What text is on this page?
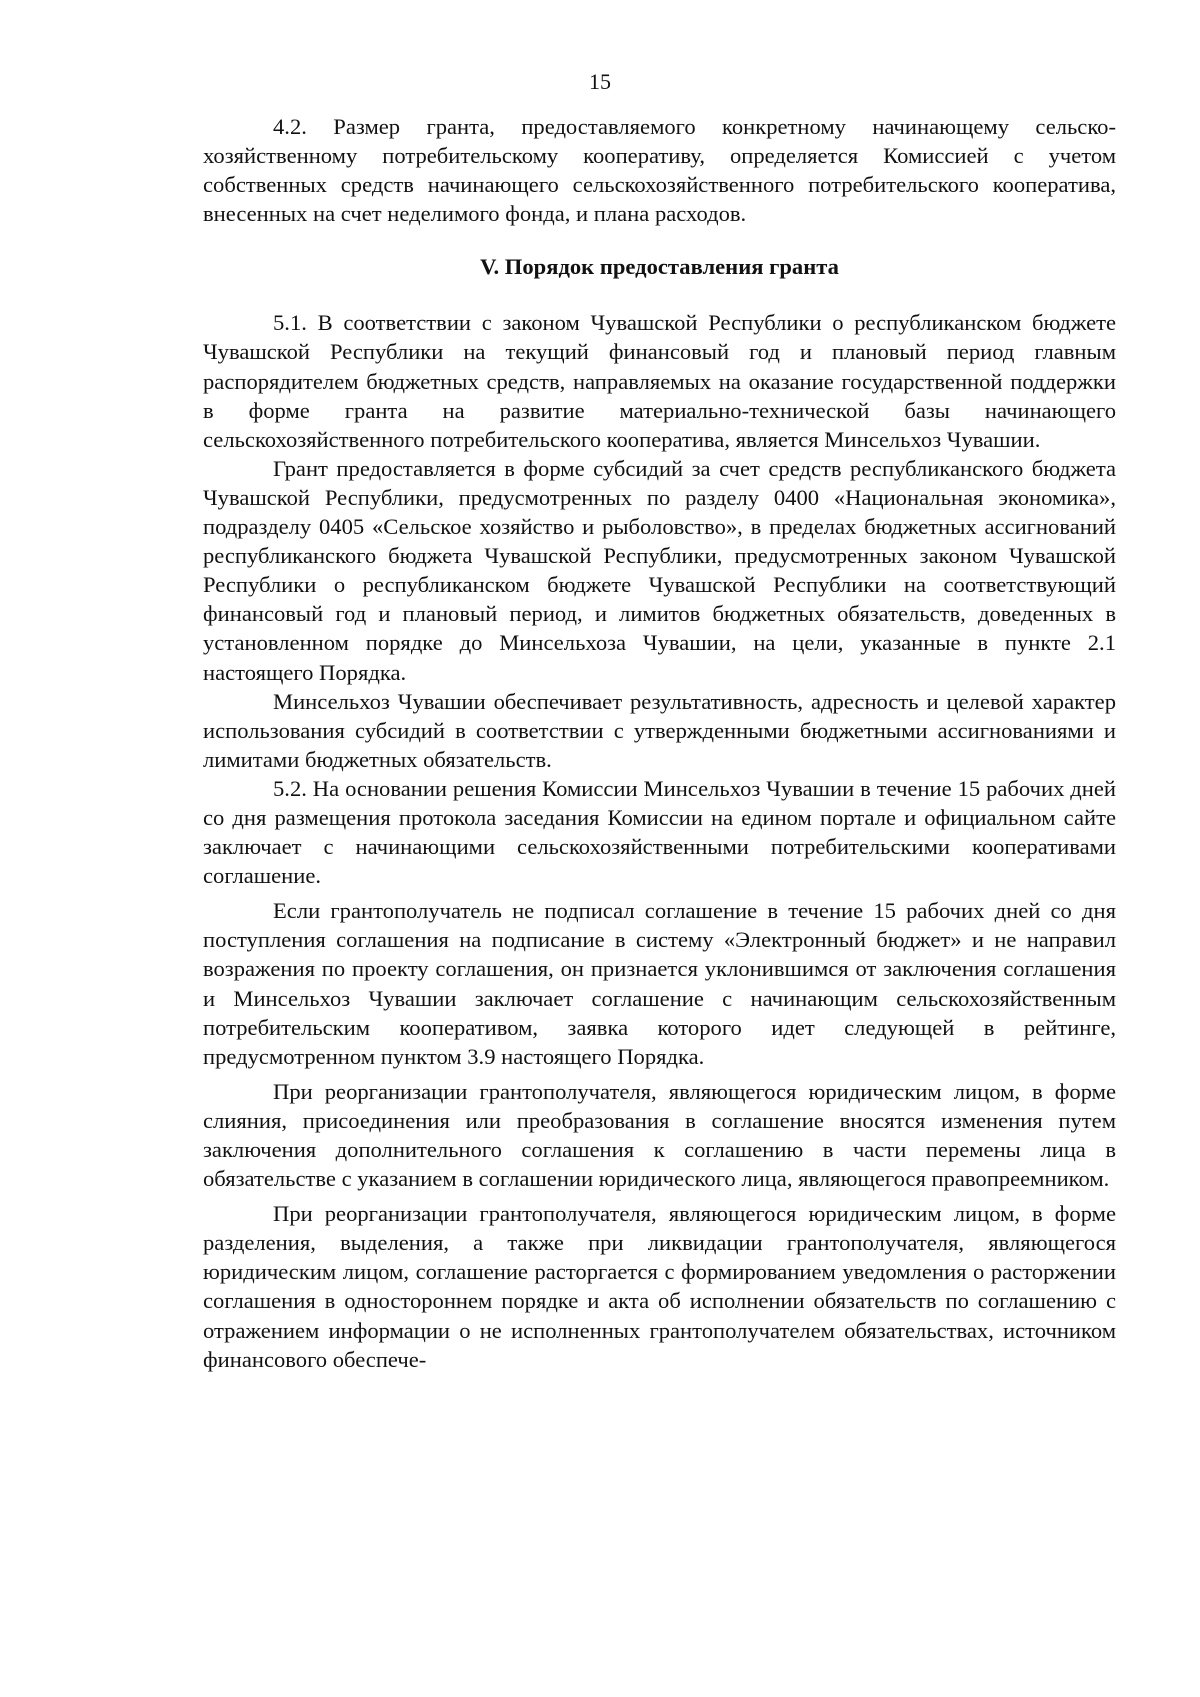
15

4.2. Размер гранта, предоставляемого конкретному начинающему сельскохозяйственному потребительскому кооперативу, определяется Комиссией с учетом собственных средств начинающего сельскохозяйственного потребительского кооператива, внесенных на счет неделимого фонда, и плана расходов.

V. Порядок предоставления гранта

5.1. В соответствии с законом Чувашской Республики о республиканском бюджете Чувашской Республики на текущий финансовый год и плановый период главным распорядителем бюджетных средств, направляемых на оказание государственной поддержки в форме гранта на развитие материально-технической базы начинающего сельскохозяйственного потребительского кооператива, является Минсельхоз Чувашии.

Грант предоставляется в форме субсидий за счет средств республиканского бюджета Чувашской Республики, предусмотренных по разделу 0400 «Национальная экономика», подразделу 0405 «Сельское хозяйство и рыболовство», в пределах бюджетных ассигнований республиканского бюджета Чувашской Республики, предусмотренных законом Чувашской Республики о республиканском бюджете Чувашской Республики на соответствующий финансовый год и плановый период, и лимитов бюджетных обязательств, доведенных в установленном порядке до Минсельхоза Чувашии, на цели, указанные в пункте 2.1 настоящего Порядка.

Минсельхоз Чувашии обеспечивает результативность, адресность и целевой характер использования субсидий в соответствии с утвержденными бюджетными ассигнованиями и лимитами бюджетных обязательств.

5.2. На основании решения Комиссии Минсельхоз Чувашии в течение 15 рабочих дней со дня размещения протокола заседания Комиссии на едином портале и официальном сайте заключает с начинающими сельскохозяйственными потребительскими кооперативами соглашение.

Если грантополучатель не подписал соглашение в течение 15 рабочих дней со дня поступления соглашения на подписание в систему «Электронный бюджет» и не направил возражения по проекту соглашения, он признается уклонившимся от заключения соглашения и Минсельхоз Чувашии заключает соглашение с начинающим сельскохозяйственным потребительским кооперативом, заявка которого идет следующей в рейтинге, предусмотренном пунктом 3.9 настоящего Порядка.

При реорганизации грантополучателя, являющегося юридическим лицом, в форме слияния, присоединения или преобразования в соглашение вносятся изменения путем заключения дополнительного соглашения к соглашению в части перемены лица в обязательстве с указанием в соглашении юридического лица, являющегося правопреемником.

При реорганизации грантополучателя, являющегося юридическим лицом, в форме разделения, выделения, а также при ликвидации грантополучателя, являющегося юридическим лицом, соглашение расторгается с формированием уведомления о расторжении соглашения в одностороннем порядке и акта об исполнении обязательств по соглашению с отражением информации о не исполненных грантополучателем обязательствах, источником финансового обеспече-
